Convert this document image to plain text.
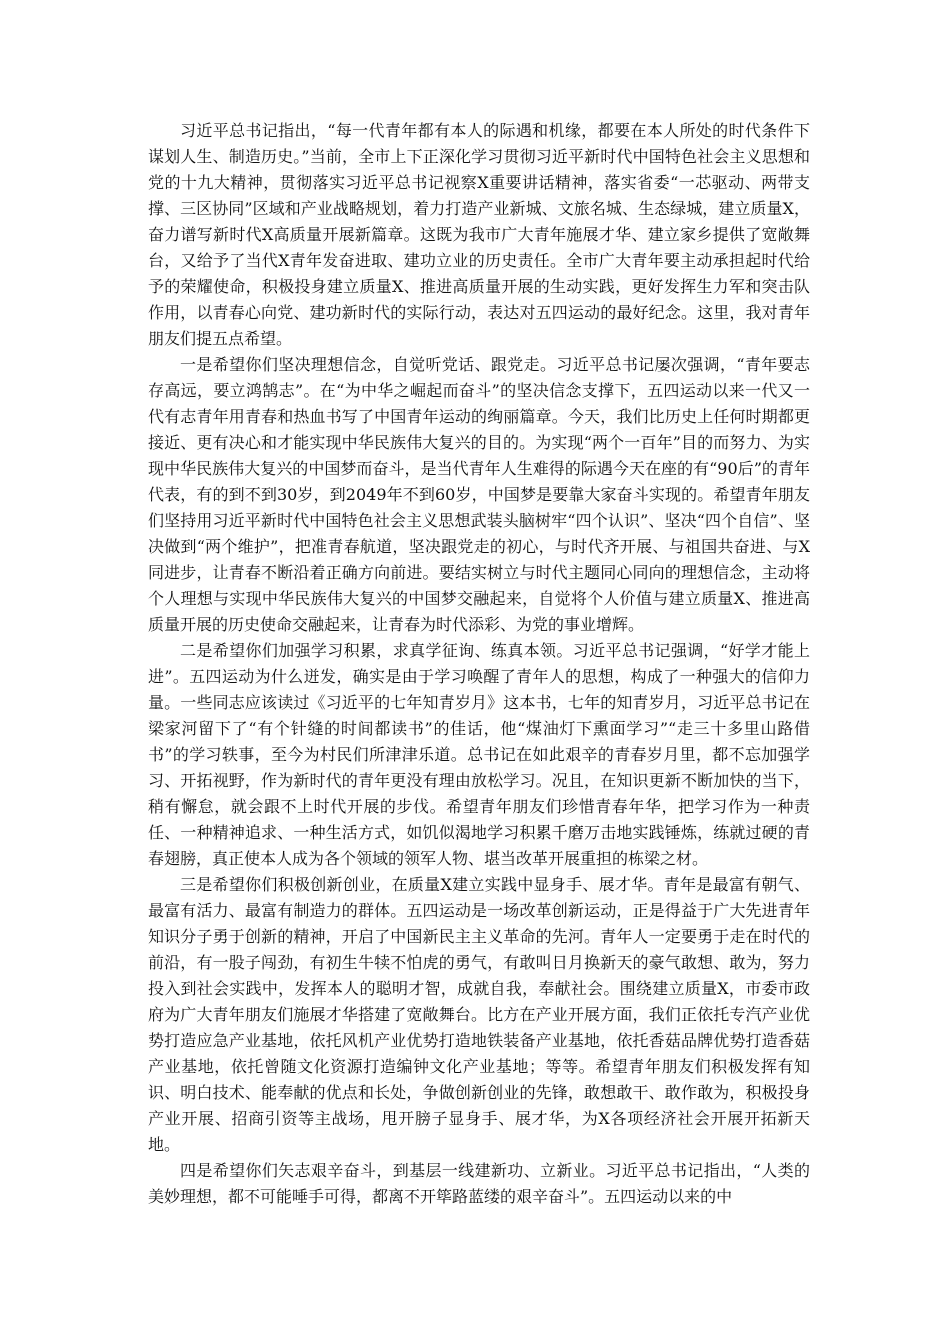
习近平总书记指出，“每一代青年都有本人的际遇和机缘，都要在本人所处的时代条件下谋划人生、制造历史。”当前，全市上下正深化学习贯彻习近平新时代中国特色社会主义思想和党的十九大精神，贯彻落实习近平总书记视察X重要讲话精神，落实省委“一芯驱动、两带支撑、三区协同”区域和产业战略规划，着力打造产业新城、文旅名城、生态绿城，建立质量X，奋力谱写新时代X高质量开展新篇章。这既为我市广大青年施展才华、建立家乡提供了宽敞舞台，又给予了当代X青年发奋进取、建功立业的历史责任。全市广大青年要主动承担起时代给予的荣耀使命，积极投身建立质量X、推进高质量开展的生动实践，更好发挥生力军和突击队作用，以青春心向党、建功新时代的实际行动，表达对五四运动的最好纪念。这里，我对青年朋友们提五点希望。

一是希望你们坚决理想信念，自觉听党话、跟党走。习近平总书记屡次强调，“青年要志存高远，要立鸿鹄志”。在“为中华之崛起而奋斗”的坚决信念支撑下，五四运动以来一代又一代有志青年用青春和热血书写了中国青年运动的绚丽篇章。今天，我们比历史上任何时期都更接近、更有决心和才能实现中华民族伟大复兴的目的。为实现“两个一百年”目的而努力、为实现中华民族伟大复兴的中国梦而奋斗，是当代青年人生难得的际遇今天在座的有“90后”的青年代表，有的到不到30岁，到2049年不到60岁，中国梦是要靠大家奋斗实现的。希望青年朋友们坚持用习近平新时代中国特色社会主义思想武装头脑树牢“四个认识”、坚决“四个自信”、坚决做到“两个维护”，把准青春航道，坚决跟党走的初心，与时代齐开展、与祖国共奋进、与X同进步，让青春不断沿着正确方向前进。要结实树立与时代主题同心同向的理想信念，主动将个人理想与实现中华民族伟大复兴的中国梦交融起来，自觉将个人价值与建立质量X、推进高质量开展的历史使命交融起来，让青春为时代添彩、为党的事业增辉。

二是希望你们加强学习积累，求真学征询、练真本领。习近平总书记强调，“好学才能上进”。五四运动为什么迸发，确实是由于学习唤醒了青年人的思想，构成了一种强大的信仰力量。一些同志应该读过《习近平的七年知青岁月》这本书，七年的知青岁月，习近平总书记在梁家河留下了“有个针缝的时间都读书”的佳话，他“煤油灯下熏面学习”“走三十多里山路借书”的学习轶事，至今为村民们所津津乐道。总书记在如此艰辛的青春岁月里，都不忘加强学习、开拓视野，作为新时代的青年更没有理由放松学习。况且，在知识更新不断加快的当下，稍有懈怠，就会跟不上时代开展的步伐。希望青年朋友们珍惜青春年华，把学习作为一种责任、一种精神追求、一种生活方式，如饥似渴地学习积累千磨万击地实践锤炼，练就过硬的青春翅膀，真正使本人成为各个领域的领军人物、堪当改革开展重担的栋梁之材。

三是希望你们积极创新创业，在质量X建立实践中显身手、展才华。青年是最富有朝气、最富有活力、最富有制造力的群体。五四运动是一场改革创新运动，正是得益于广大先进青年知识分子勇于创新的精神，开启了中国新民主主义革命的先河。青年人一定要勇于走在时代的前沿，有一股子闯劲，有初生牛犊不怕虎的勇气，有敢叫日月换新天的豪气敢想、敢为，努力投入到社会实践中，发挥本人的聪明才智，成就自我，奉献社会。围绕建立质量X，市委市政府为广大青年朋友们施展才华搭建了宽敞舞台。比方在产业开展方面，我们正依托专汽产业优势打造应急产业基地，依托风机产业优势打造地铁装备产业基地，依托香菇品牌优势打造香菇产业基地，依托曾随文化资源打造编钟文化产业基地；等等。希望青年朋友们积极发挥有知识、明白技术、能奉献的优点和长处，争做创新创业的先锋，敢想敢干、敢作敢为，积极投身产业开展、招商引资等主战场，甩开膀子显身手、展才华，为X各项经济社会开展开拓新天地。

四是希望你们矢志艰辛奋斗，到基层一线建新功、立新业。习近平总书记指出，“人类的美妙理想，都不可能唾手可得，都离不开筚路蓝缕的艰辛奋斗”。五四运动以来的中
